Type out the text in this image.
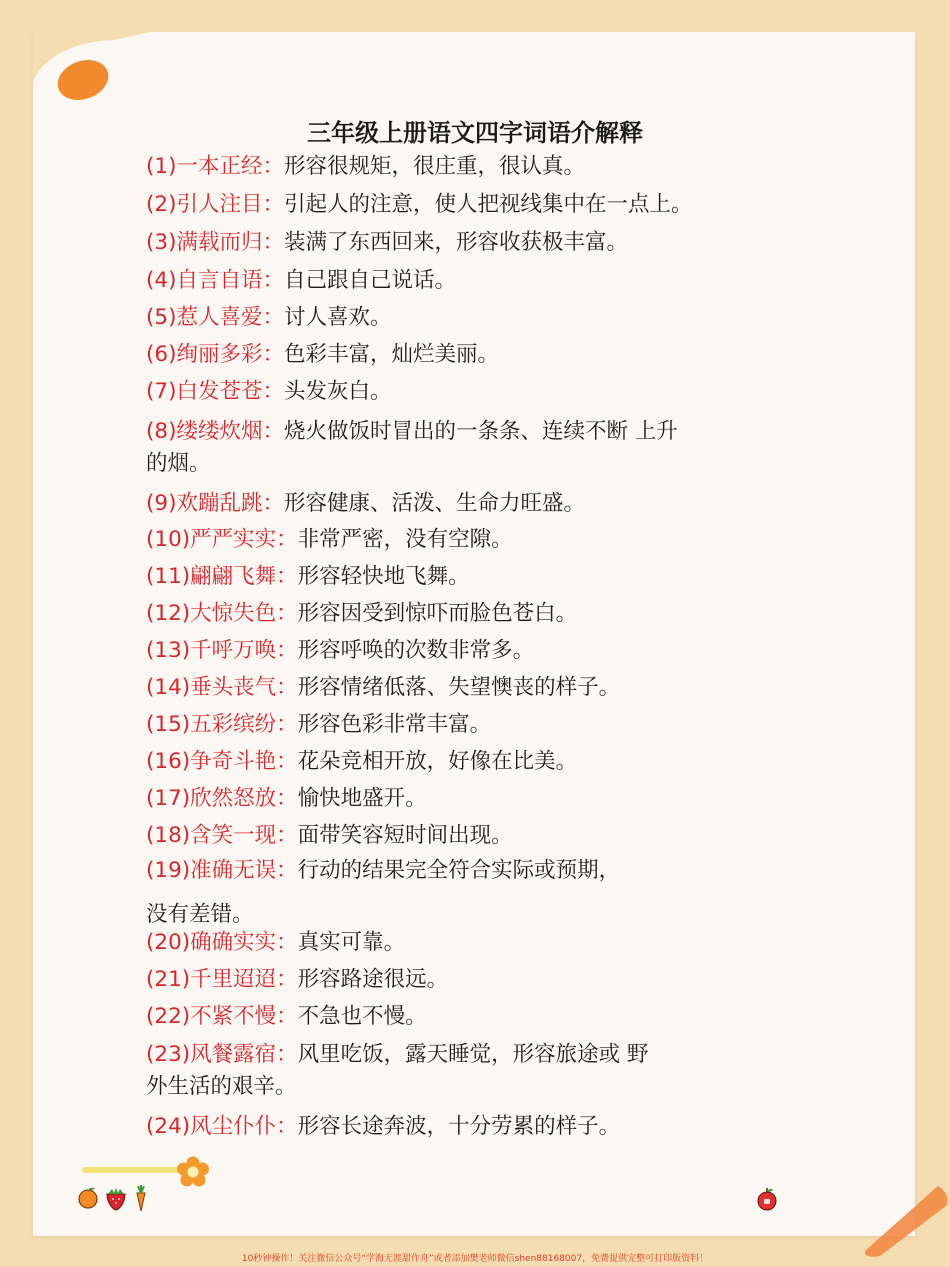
三年级上册语文四字词语介解释
(1)一本正经：形容很规矩，很庄重，很认真。
(2)引人注目：引起人的注意，使人把视线集中在一点上。
(3)满载而归：装满了东西回来，形容收获极丰富。
(4)自言自语：自己跟自己说话。
(5)惹人喜爱：讨人喜欢。
(6)绚丽多彩：色彩丰富，灿烂美丽。
(7)白发苍苍：头发灰白。
(8)缕缕炊烟：烧火做饭时冒出的一条条、连续不断 上升
的烟。
(9)欢蹦乱跳：形容健康、活泼、生命力旺盛。
(10)严严实实：非常严密，没有空隙。
(11)翩翩飞舞：形容轻快地飞舞。
(12)大惊失色：形容因受到惊吓而脸色苍白。
(13)千呼万唤：形容呼唤的次数非常多。
(14)垂头丧气：形容情绪低落、失望懊丧的样子。
(15)五彩缤纷：形容色彩非常丰富。
(16)争奇斗艳：花朵竞相开放，好像在比美。
(17)欣然怒放：愉快地盛开。
(18)含笑一现：面带笑容短时间出现。
(19)准确无误：行动的结果完全符合实际或预期，
没有差错。
(20)确确实实：真实可靠。
(21)千里迢迢：形容路途很远。
(22)不紧不慢：不急也不慢。
(23)风餐露宿：风里吃饭，露天睡觉，形容旅途或 野
外生活的艰辛。
(24)风尘仆仆：形容长途奔波，十分劳累的样子。
10秒钟操作！关注微信公众号“学海无涯甜作舟”或者添加樊老师微信shen88168007，免费提供完整可打印版资料！
